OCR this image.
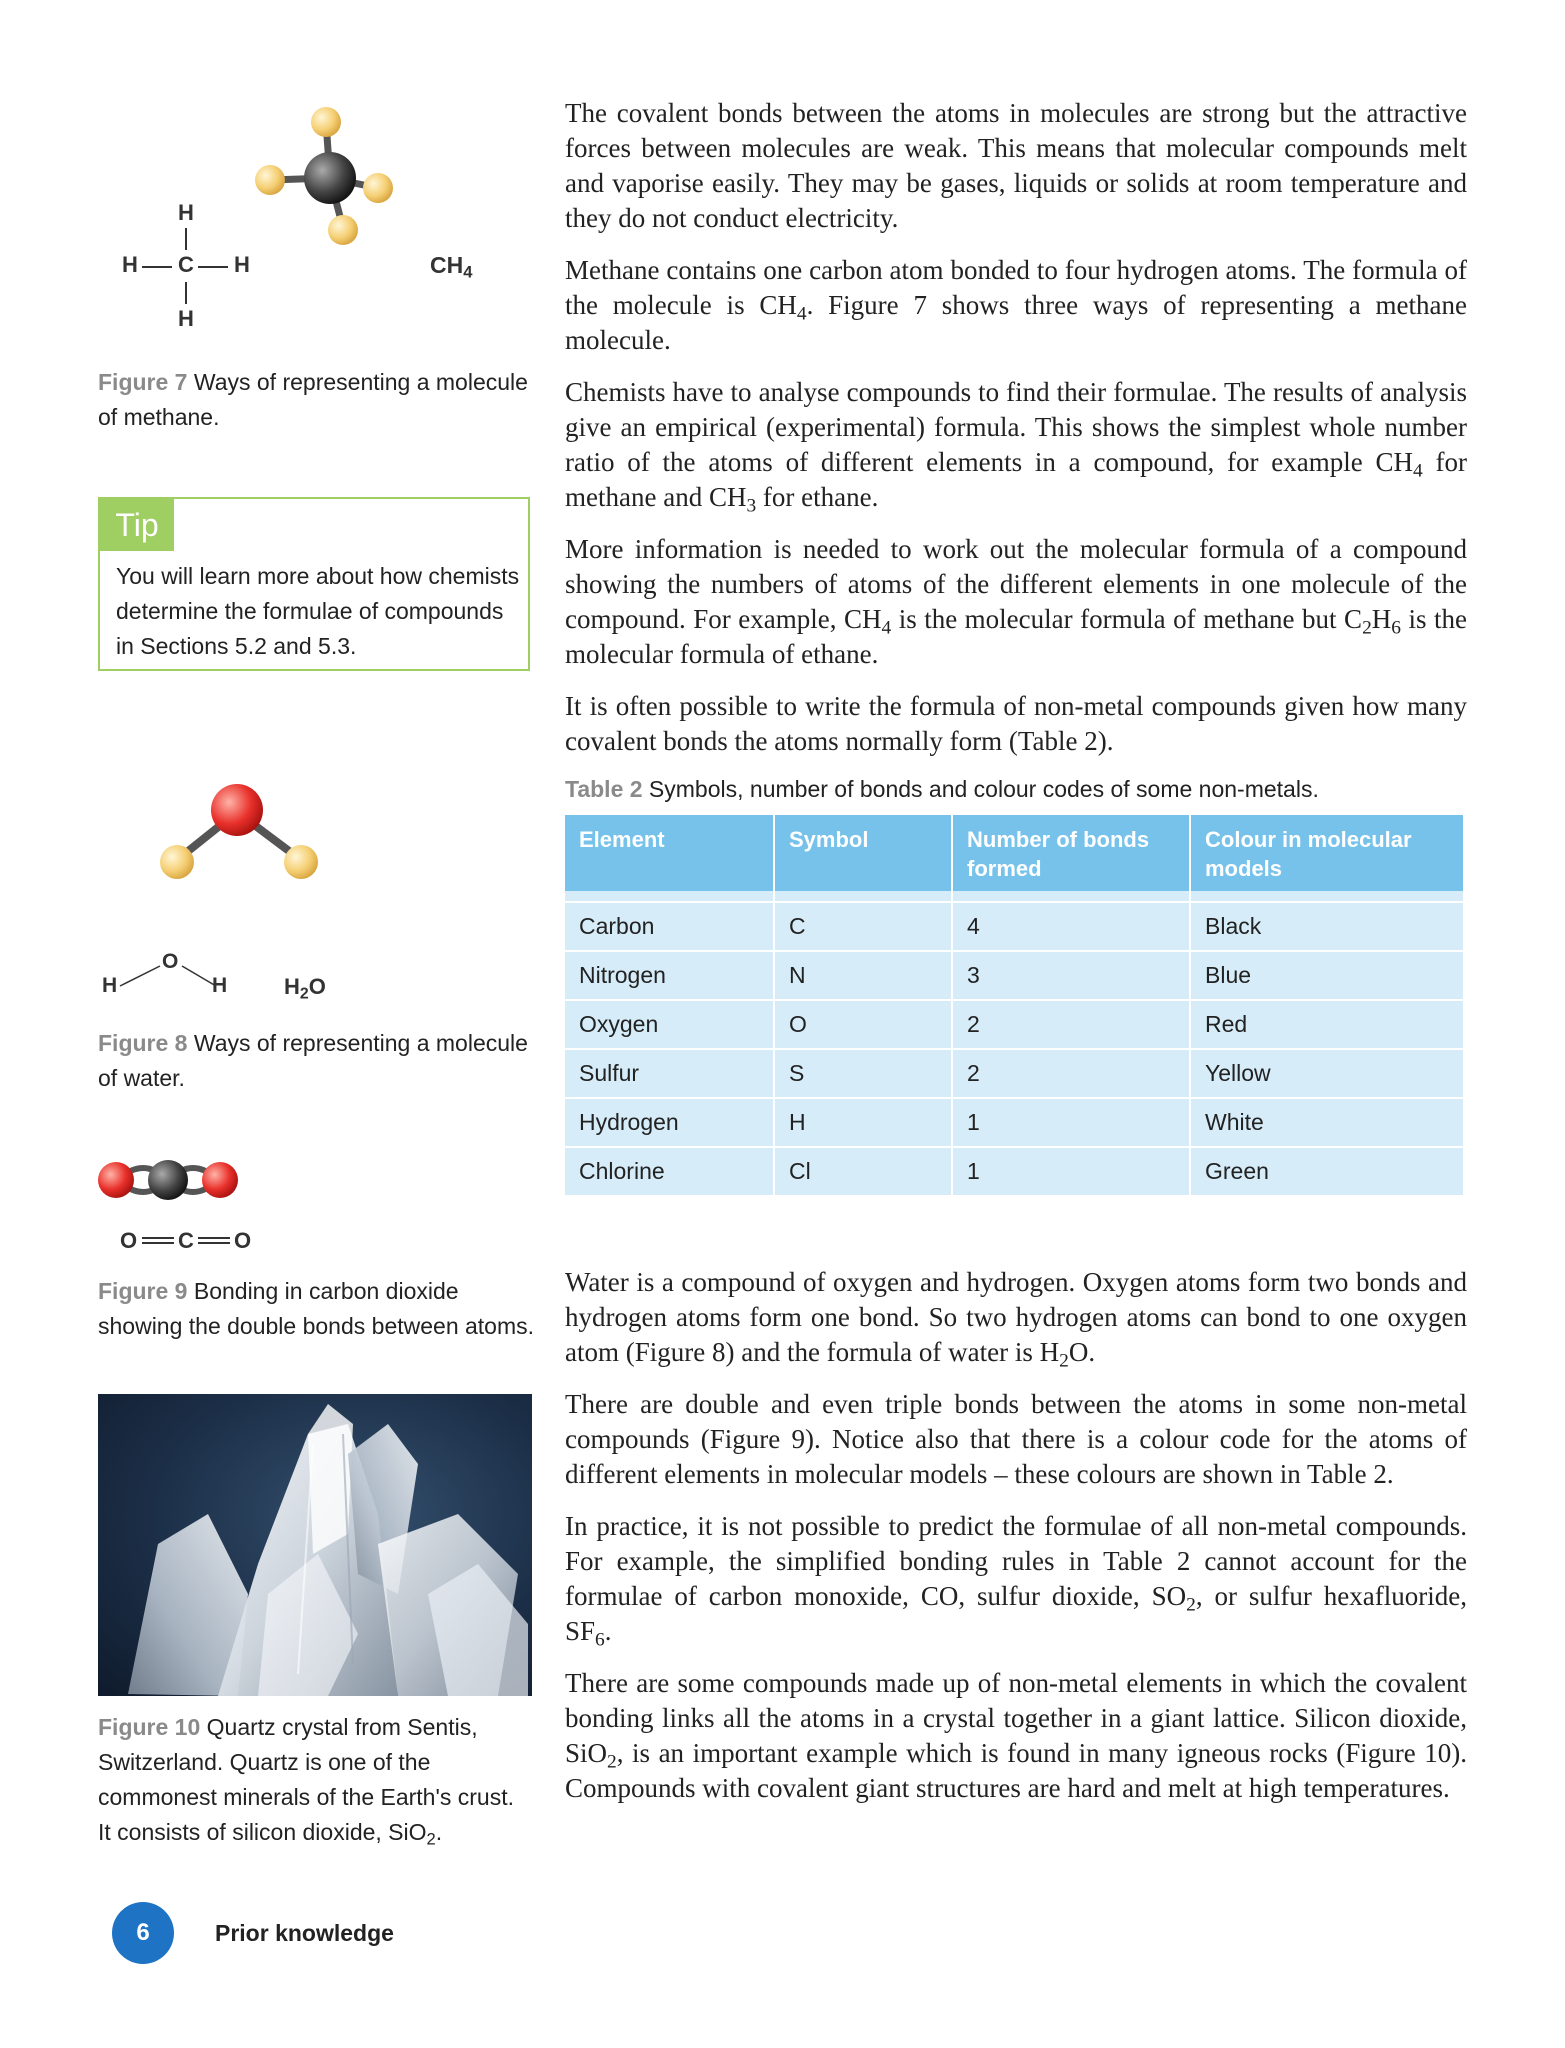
H
H C H
H
$CH_4$
Figure 7 Ways of representing a molecule of methane.
Tip
You will learn more about how chemists determine the formulae of compounds in Sections 5.2 and 5.3.
O
H	H	$H_2O$
Figure 8 Ways of representing a molecule of water.
O C O
Figure 9 Bonding in carbon dioxide showing the double bonds between atoms.
Figure 10 Quartz crystal from Sentis, Switzerland. Quartz is one of the commonest minerals of the Earth's crust. It consists of silicon dioxide, SiO$_2$.

The covalent bonds between the atoms in molecules are strong but the attractive forces between molecules are weak. This means that molecular compounds melt and vaporise easily. They may be gases, liquids or solids at room temperature and they do not conduct electricity.

Methane contains one carbon atom bonded to four hydrogen atoms. The formula of the molecule is $CH_4$. Figure 7 shows three ways of representing a methane molecule.

Chemists have to analyse compounds to find their formulae. The results of analysis give an empirical (experimental) formula. This shows the simplest whole number ratio of the atoms of different elements in a compound, for example $CH_4$ for methane and $CH_3$ for ethane.

More information is needed to work out the molecular formula of a compound showing the numbers of atoms of the different elements in one molecule of the compound. For example, $CH_4$ is the molecular formula of methane but $C_2H_6$ is the molecular formula of ethane.

It is often possible to write the formula of non-metal compounds given how many covalent bonds the atoms normally form (Table 2).

Table 2 Symbols, number of bonds and colour codes of some non-metals.
Element	Symbol	Number of bonds formed	Colour in molecular models

Carbon	C	4	Black
Nitrogen	N	3	Blue
Oxygen	O	2	Red
Sulfur	S	2	Yellow
Hydrogen	H	1	White
Chlorine	Cl	1	Green

Water is a compound of oxygen and hydrogen. Oxygen atoms form two bonds and hydrogen atoms form one bond. So two hydrogen atoms can bond to one oxygen atom (Figure 8) and the formula of water is $H_2O$.

There are double and even triple bonds between the atoms in some non-metal compounds (Figure 9). Notice also that there is a colour code for the atoms of different elements in molecular models – these colours are shown in Table 2.

In practice, it is not possible to predict the formulae of all non-metal compounds. For example, the simplified bonding rules in Table 2 cannot account for the formulae of carbon monoxide, CO, sulfur dioxide, $SO_2$, or sulfur hexafluoride, $SF_6$.

There are some compounds made up of non-metal elements in which the covalent bonding links all the atoms in a crystal together in a giant lattice. Silicon dioxide, SiO$_2$, is an important example which is found in many igneous rocks (Figure 10). Compounds with covalent giant structures are hard and melt at high temperatures.

6	Prior knowledge
